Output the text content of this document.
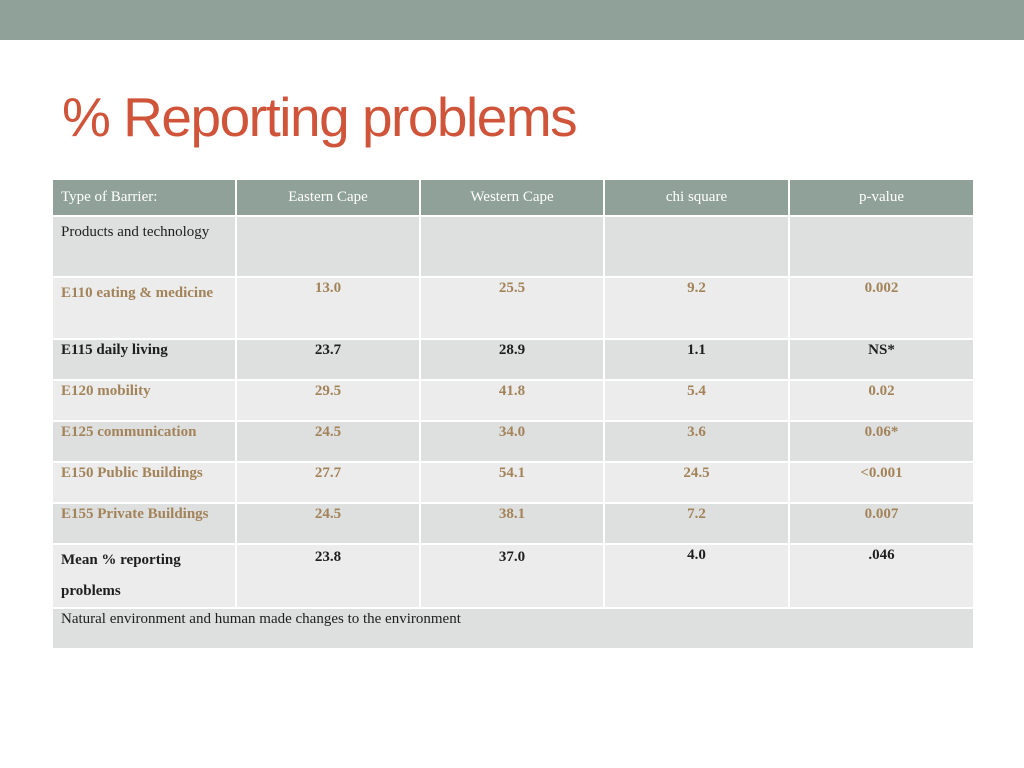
% Reporting problems
Type of Barrier:	Eastern Cape	Western Cape	chi square	p-value
Products and technology				
E110 eating & medicine	13.0	25.5	9.2	0.002
E115 daily living	23.7	28.9	1.1	NS*
E120 mobility	29.5	41.8	5.4	0.02
E125 communication	24.5	34.0	3.6	0.06*
E150 Public Buildings	27.7	54.1	24.5	<0.001
E155 Private Buildings	24.5	38.1	7.2	0.007
Mean % reporting problems	23.8	37.0	4.0	.046
Natural environment and human made changes to the environment				
